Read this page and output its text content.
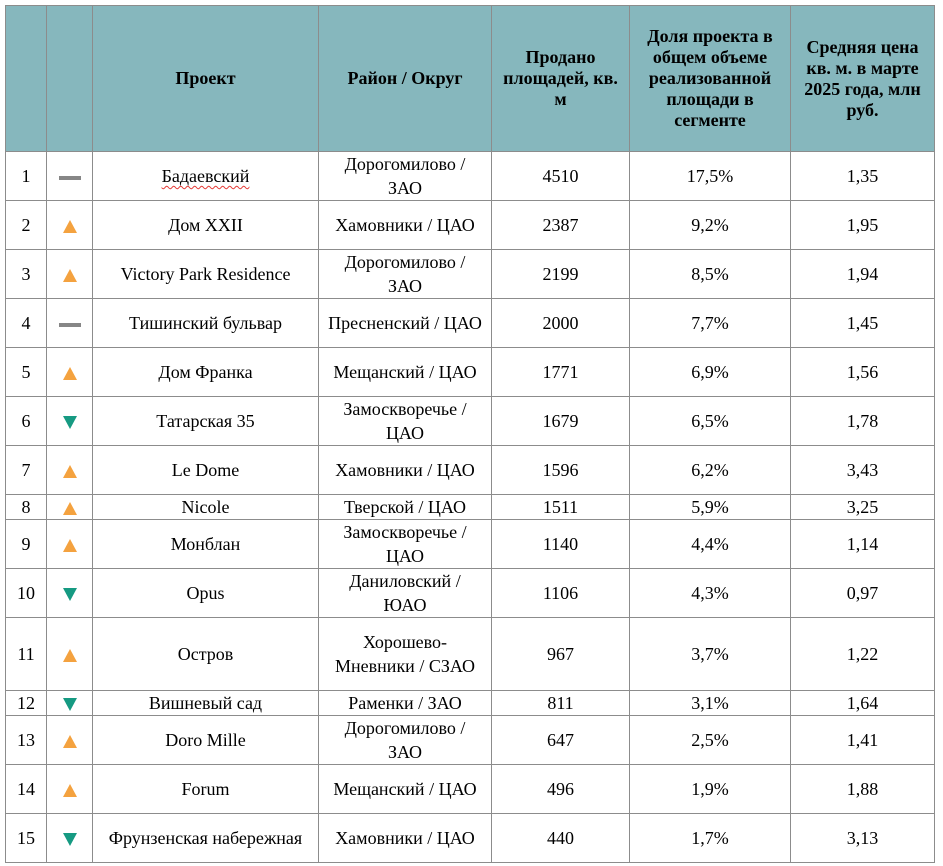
		Проект	Район / Округ	Продано площадей, кв. м	Доля проекта в общем объеме реализованной площади в сегменте	Средняя цена кв. м. в марте 2025 года, млн руб.
1		Бадаевский	Дорогомилово / ЗАО	4510	17,5%	1,35
2		Дом XXII	Хамовники / ЦАО	2387	9,2%	1,95
3		Victory Park Residence	Дорогомилово / ЗАО	2199	8,5%	1,94
4		Тишинский бульвар	Пресненский / ЦАО	2000	7,7%	1,45
5		Дом Франка	Мещанский / ЦАО	1771	6,9%	1,56
6		Татарская 35	Замоскворечье / ЦАО	1679	6,5%	1,78
7		Le Dome	Хамовники / ЦАО	1596	6,2%	3,43
8		Nicole	Тверской / ЦАО	1511	5,9%	3,25
9		Монблан	Замоскворечье / ЦАО	1140	4,4%	1,14
10		Opus	Даниловский / ЮАО	1106	4,3%	0,97
11		Остров	Хорошево-Мневники / СЗАО	967	3,7%	1,22
12		Вишневый сад	Раменки / ЗАО	811	3,1%	1,64
13		Doro Mille	Дорогомилово / ЗАО	647	2,5%	1,41
14		Forum	Мещанский / ЦАО	496	1,9%	1,88
15		Фрунзенская набережная	Хамовники / ЦАО	440	1,7%	3,13
